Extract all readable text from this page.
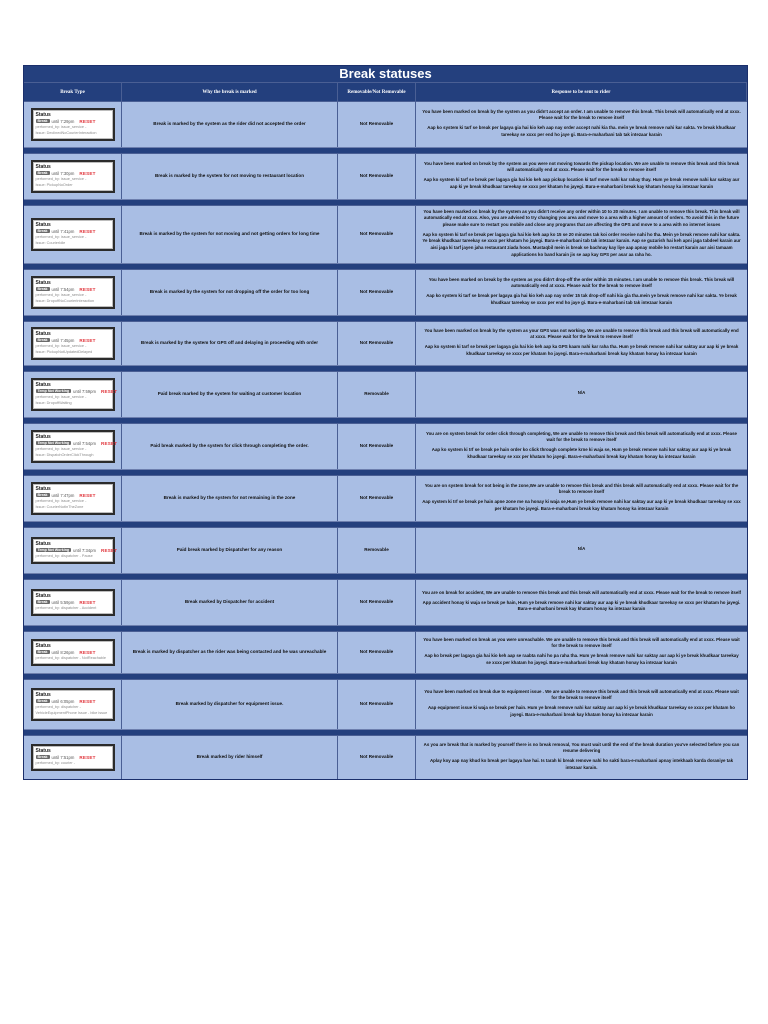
Break statuses
Break Type	Why the break is marked	Removable/Not Removable	Response to be sent to rider
Status
Break until 7:29pm RESET
performed_by: issue_service -
Issue: DeclinedNoCourierInteraction
Break is marked by the system as the rider did not accepted the order	Not Removable

You have been marked on break by the system as you didn't accept an order. I am unable to remove this break. This break will automatically end at xxxx. Please wait for the break to remove itself

Aap ko system ki tarf se break per lagaya gia hai kio keh aap nay order accept nahi kia tha. mein ye break remove nahi kar sakta. Ye break khudkaar tareekay se xxxx per end ho jaye gi. Bara-e-maharbani tab tak intezaar karain

Status
Break until 7:30pm RESET
performed_by: issue_service -
Issue: PickupNoOrder
Break is marked by the system for not moving to restaurant location	Not Removable

You have been marked on break by the system as you were not moving towards the pickup location. We are unable to remove this break and this break will automatically end at xxxx. Please wait for the break to remove itself

Aap ko system ki tarf se break per lagaya gia hai kio keh aap pickup location ki tarf move nahi kar rahay thay. Hum ye break remove nahi kar saktay aur aap ki ye break khudkaar tareekay se xxxx per khatam ho jayegi. Bara-e-maharbani break kay khatam honay ka intezaar karain

Status
Break until 7:41pm RESET
performed_by: issue_service -
Issue: CourierIdle
Break is marked by the system for not moving and not getting orders for long time	Not Removable

You have been marked on break by the system as you didn't receive any order within 10 to 20 minutes. I am unable to remove this break. This break will automatically end at xxxx. Also, you are advised to try changing you area and move to a area with a higher amount of orders. To avoid this in the future please make sure to restart you mobile and close any programs that are affecting the GPS and move to a area with no internet issues

Aap ko system ki tarf se break per lagaya gia hai kio keh aap ko 15 se 20 minutes tak koi order receive nahi ho tha. Mein ye break remove nahi kar sakta. Ye break khudkaar tareekay se xxxx per khatam ho jayegi. Bara-e-maharbani tab tak intezaar karain. Aap se guzarish hai keh apni jaga tabdeel karain aur aisi jaga ki tarf jayen jaha restaurant ziada hoon. Mustaqbil mein is break se bachnay kay liye aap apnay mobile ko restart karain aur aisi tamaam applications ko band karain jis se aap kay GPS per asar aa raha ho.

Status
Break until 7:54pm RESET
performed_by: issue_service -
Issue: DropoffNoCourierInteraction
Break is marked by the system for not dropping off the order for too long	Not Removable

You have been marked on break by the system as you didn't drop-off the order within 15 minutes. I am unable to remove this break. This break will automatically end at xxxx. Please wait for the break to remove itself

Aap ko system ki tarf se break per lagaya gia hai kio keh aap nay order 15 tak drop-off nahi kia gia tha.mein ye break remove nahi kar sakta. Ye break khudkaar tareekay se xxxx per end ho jaye gi. Bara-e-maharbani tab tak intezaar karain

Status
Break until 7:45pm RESET
performed_by: issue_service -
Issue: PickupNotUpdatedDelayed
Break is marked by the system for GPS off and delaying in proceeding with order	Not Removable

You have been marked on break by the system as your GPS was not working. We are unable to remove this break and this break will automatically end at xxxx. Please wait for the break to remove itself

Aap ko system ki tarf se break per lagaya gia hai kio keh aap ka GPS kaam nahi kar raha tha. Hum ye break remove nahi kar saktay aur aap ki ye break khudkaar tareekay se xxxx per khatam ho jayegi. Bara-e-maharbani break kay khatam honay ka intezaar karain

Status
Temp Not Working until 7:59pm RESET
performed_by: issue_service -
Issue: DropoffWaiting
Paid break marked by the system for waiting at customer location	Removable	N/A

Status
Temp Not Working until 7:54pm RESET
performed_by: issue_service -
Issue: DispatchOrderClickThrough
Paid break marked by the system for click through completing the order.	Not Removable

You are on system break for order click through completing, We are unable to remove this break and this break will automatically end at xxxx. Please wait for the break to remove itself

Aap ko system ki trf se break pe hain order ko click through complete krne ki waja se, Hum ye break remove nahi kar saktay aur aap ki ye break khudkaar tareekay se xxx per khatam ho jayegi. Bara-e-maharbani break kay khatam honay ka intezaar karain

Status
Break until 7:47pm RESET
performed_by: issue_service -
Issue: CourierNotInTheZone
Break is marked by the system for not remaining in the zone	Not Removable

You are on system break for not being in the zone,We are unable to remove this break and this break will automatically end at xxxx. Please wait for the break to remove itself

Aap system ki trf se break pe hain apne zone me na honay ki waja se,Hum ye break remove nahi kar saktay aur aap ki ye break khudkaar tareekay se xxx per khatam ho jayegi. Bara-e-maharbani break kay khatam honay ka intezaar karain

Status
Temp Not Working until 7:34pm RESET
performed_by: dispatcher - Pause
Paid break marked by Dispatcher for any reason	Removable	N/A

Status
Break until 5:59pm RESET
performed_by: dispatcher - Accident
Break marked by Dispatcher for accident	Not Removable

You are on break for accident, We are unable to remove this break and this break will automatically end at xxxx. Please wait for the break to remove itself

App accident honay ki waja se break pe hain, Hum ye break remove nahi kar saktay aur aap ki ye break khudkaar tareekay se xxxx per khatam ho jayegi. Bara-e-maharbani break kay khatam honay ka intezaar karain

Status
Break until 8:26pm RESET
performed_by: dispatcher - NotReachable
Break is marked by dispatcher as the rider was being contacted and he was unreachable	Not Removable

You have been marked on break as you were unreachable. We are unable to remove this break and this break will automatically end at xxxx. Please wait for the break to remove itself

Aap ko break per lagaya gia hai kio keh aap se raabta nahi ho pa raha tha. Hum ye break remove nahi kar saktay aur aap ki ye break khudkaar tareekay se xxxx per khatam ho jayegi. Bara-e-maharbani break kay khatam honay ka intezaar karain

Status
Break until 6:05pm RESET
performed_by: dispatcher -
VehicleEquipmentPhone Issue - bike issue
Break marked by dispatcher for equipment issue.	Not Removable

You have been marked on break due to equipment issue . We are unable to remove this break and this break will automatically end at xxxx. Please wait for the break to remove itself

Aap equipment issue ki waja se break per hain. Hum ye break remove nahi kar saktay aur aap ki ye break khudkaar tareekay se xxxx per khatam ho jayegi. Bara-e-maharbani break kay khatam honay ka intezaar karain

Status
Break until 7:51pm RESET
performed_by: courier -
Break marked by rider himself	Not Removable

As you are break that is marked by yourself there is no break removal, You must wait until the end of the break duration you've selected before you can resume delivering

Aplay koy aap nay khud ko break per lagaya hae hai. Is tarah ki break remove nahi ho sakti bara-e-maharbani apnay intekhaab karda doraniye tak intezaar karain.
